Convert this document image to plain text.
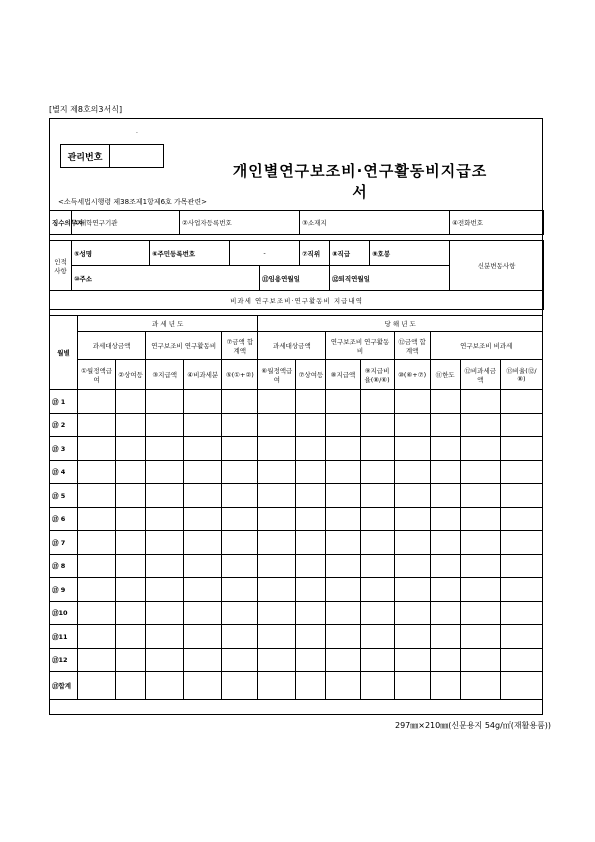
[별지 제8호의3서식]
·
관리번호
개인별연구보조비·연구활동비지급조서
<소득세법시행령 제38조제1항제6호 가목관련>
징수의무자	①대학연구기관		②사업자등록번호			③소재지			④전화번호

인적사항	⑤성명	⑥주민등록번호		-		⑦직위	⑧직급	⑨호봉	신분변동사항
	⑩주소				⑪임용연월일		⑫퇴직연월일		
비과세 연구보조비·연구활동비 지급내역									
월별	과 세 년 도					당 해 년 도							
	과세대상금액		연구보조비 연구활동비		⑦금액 합계액	과세대상금액		연구보조비 연구활동비		⑫금액 합계액	연구보조비 비과세		
	①월정액급여	②상여등	③지급액	④비과세분	⑤(①+②)	⑥월정액급여	⑦상여등	⑧지급액	⑨지급비율(⑧/⑥)	⑩(⑥+⑦)	⑪한도	⑫비과세금액	⑬비율(⑫/⑧)
⑬ 1													
⑬ 2													
⑬ 3													
⑬ 4													
⑬ 5													
⑬ 6													
⑬ 7													
⑬ 8													
⑬ 9													
⑬10													
⑬11													
⑬12													
⑬합계													
297㎜×210㎜(신문용지 54g/㎡(재활용품))
